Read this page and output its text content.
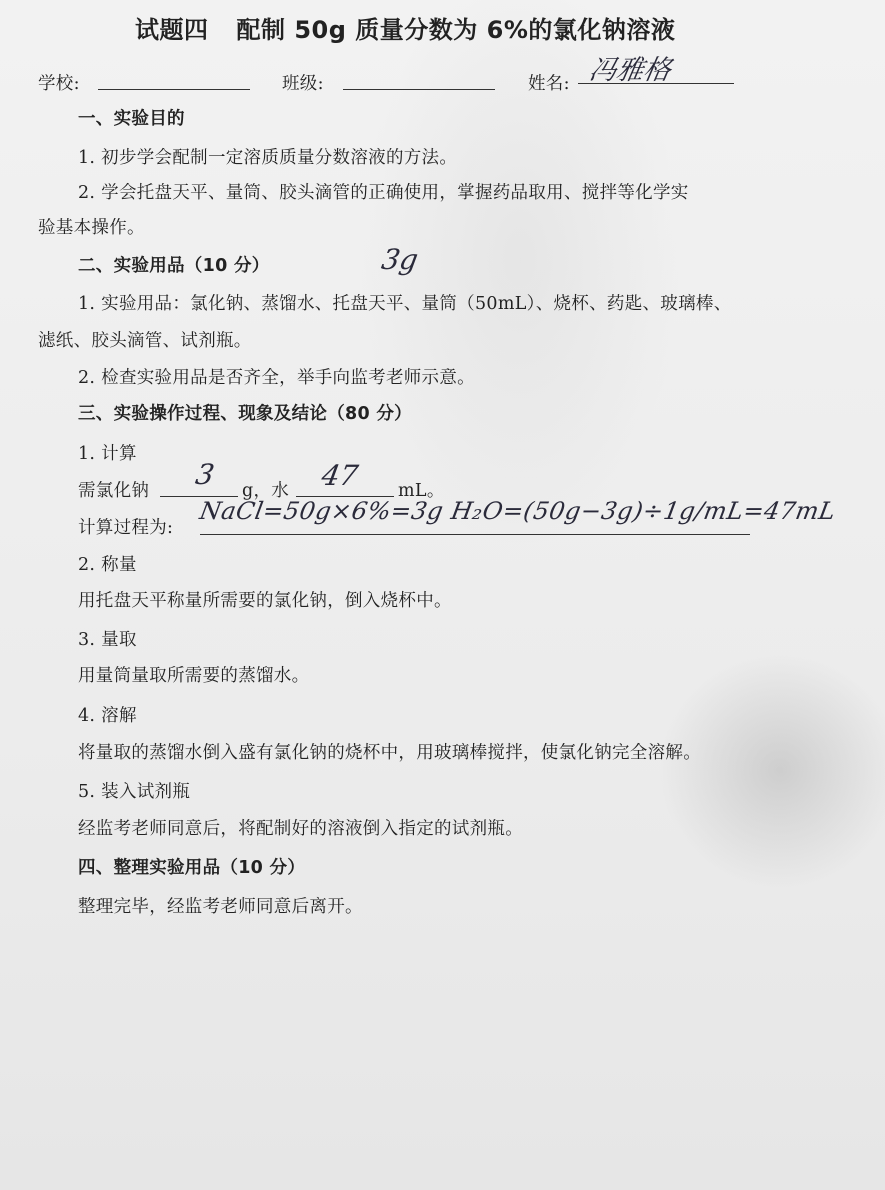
试题四 配制 50g 质量分数为 6%的氯化钠溶液
学校:	班级:	姓名: 冯雅格
一、实验目的
1. 初步学会配制一定溶质质量分数溶液的方法。
2. 学会托盘天平、量筒、胶头滴管的正确使用，掌握药品取用、搅拌等化学实
验基本操作。
二、实验用品（10 分）	3g
1. 实验用品：氯化钠、蒸馏水、托盘天平、量筒（50mL）、烧杯、药匙、玻璃棒、
滤纸、胶头滴管、试剂瓶。
2. 检查实验用品是否齐全，举手向监考老师示意。
三、实验操作过程、现象及结论（80 分）
1. 计算
需氯化钠 3 g，水 47 mL。
计算过程为:
NaCl=50g×6%=3g H₂O=(50g−3g)÷1g/mL=47mL
2. 称量
用托盘天平称量所需要的氯化钠，倒入烧杯中。
3. 量取
用量筒量取所需要的蒸馏水。
4. 溶解
将量取的蒸馏水倒入盛有氯化钠的烧杯中，用玻璃棒搅拌，使氯化钠完全溶解。
5. 装入试剂瓶
经监考老师同意后，将配制好的溶液倒入指定的试剂瓶。
四、整理实验用品（10 分）
整理完毕，经监考老师同意后离开。
